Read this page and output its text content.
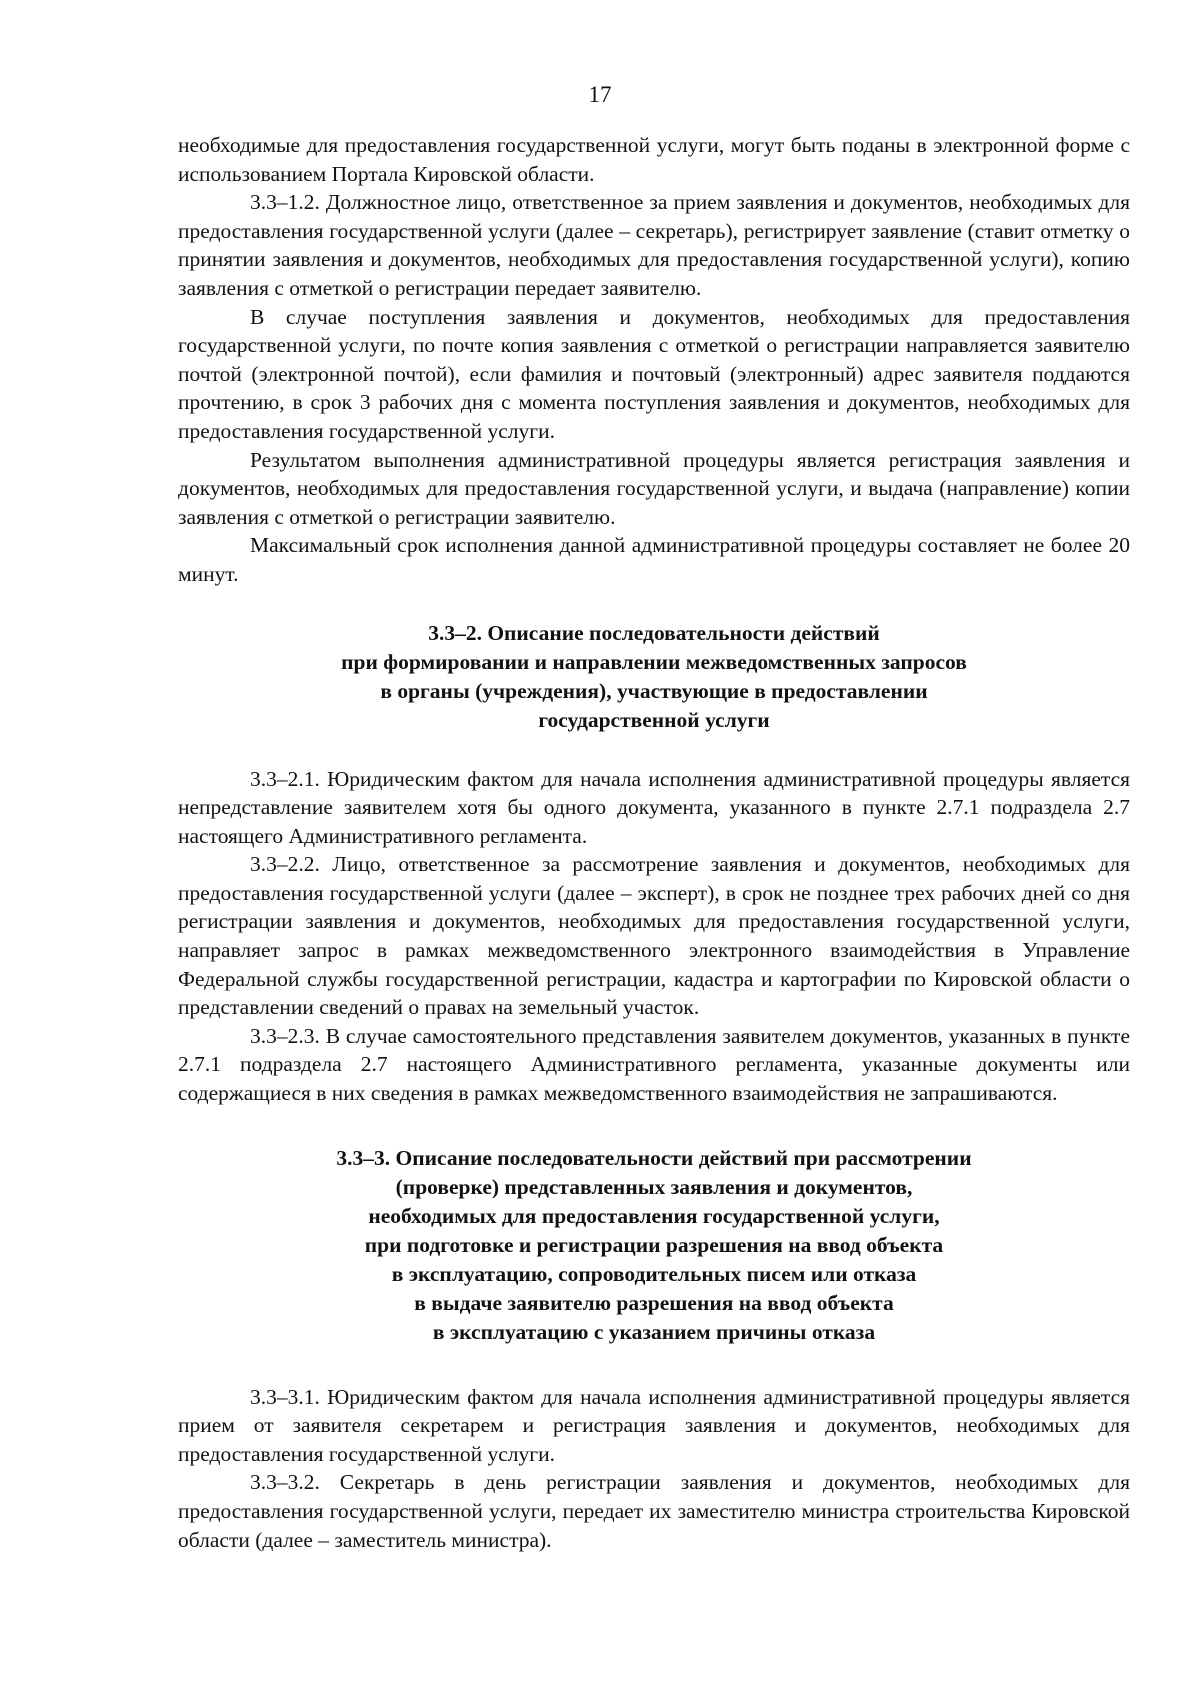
17

необходимые для предоставления государственной услуги, могут быть поданы в электронной форме с использованием Портала Кировской области.

3.3–1.2. Должностное лицо, ответственное за прием заявления и документов, необходимых для предоставления государственной услуги (далее – секретарь), регистрирует заявление (ставит отметку о принятии заявления и документов, необходимых для предоставления государственной услуги), копию заявления с отметкой о регистрации передает заявителю.

В случае поступления заявления и документов, необходимых для предоставления государственной услуги, по почте копия заявления с отметкой о регистрации направляется заявителю почтой (электронной почтой), если фамилия и почтовый (электронный) адрес заявителя поддаются прочтению, в срок 3 рабочих дня с момента поступления заявления и документов, необходимых для предоставления государственной услуги.

Результатом выполнения административной процедуры является регистрация заявления и документов, необходимых для предоставления государственной услуги, и выдача (направление) копии заявления с отметкой о регистрации заявителю.

Максимальный срок исполнения данной административной процедуры составляет не более 20 минут.

3.3–2. Описание последовательности действий
при формировании и направлении межведомственных запросов
в органы (учреждения), участвующие в предоставлении
государственной услуги

3.3–2.1. Юридическим фактом для начала исполнения административной процедуры является непредставление заявителем хотя бы одного документа, указанного в пункте 2.7.1 подраздела 2.7 настоящего Административного регламента.

3.3–2.2. Лицо, ответственное за рассмотрение заявления и документов, необходимых для предоставления государственной услуги (далее – эксперт), в срок не позднее трех рабочих дней со дня регистрации заявления и документов, необходимых для предоставления государственной услуги, направляет запрос в рамках межведомственного электронного взаимодействия в Управление Федеральной службы государственной регистрации, кадастра и картографии по Кировской области о представлении сведений о правах на земельный участок.

3.3–2.3. В случае самостоятельного представления заявителем документов, указанных в пункте 2.7.1 подраздела 2.7 настоящего Административного регламента, указанные документы или содержащиеся в них сведения в рамках межведомственного взаимодействия не запрашиваются.

3.3–3. Описание последовательности действий при рассмотрении
(проверке) представленных заявления и документов,
необходимых для предоставления государственной услуги,
при подготовке и регистрации разрешения на ввод объекта
в эксплуатацию, сопроводительных писем или отказа
в выдаче заявителю разрешения на ввод объекта
в эксплуатацию с указанием причины отказа

3.3–3.1. Юридическим фактом для начала исполнения административной процедуры является прием от заявителя секретарем и регистрация заявления и документов, необходимых для предоставления государственной услуги.

3.3–3.2. Секретарь в день регистрации заявления и документов, необходимых для предоставления государственной услуги, передает их заместителю министра строительства Кировской области (далее – заместитель министра).
